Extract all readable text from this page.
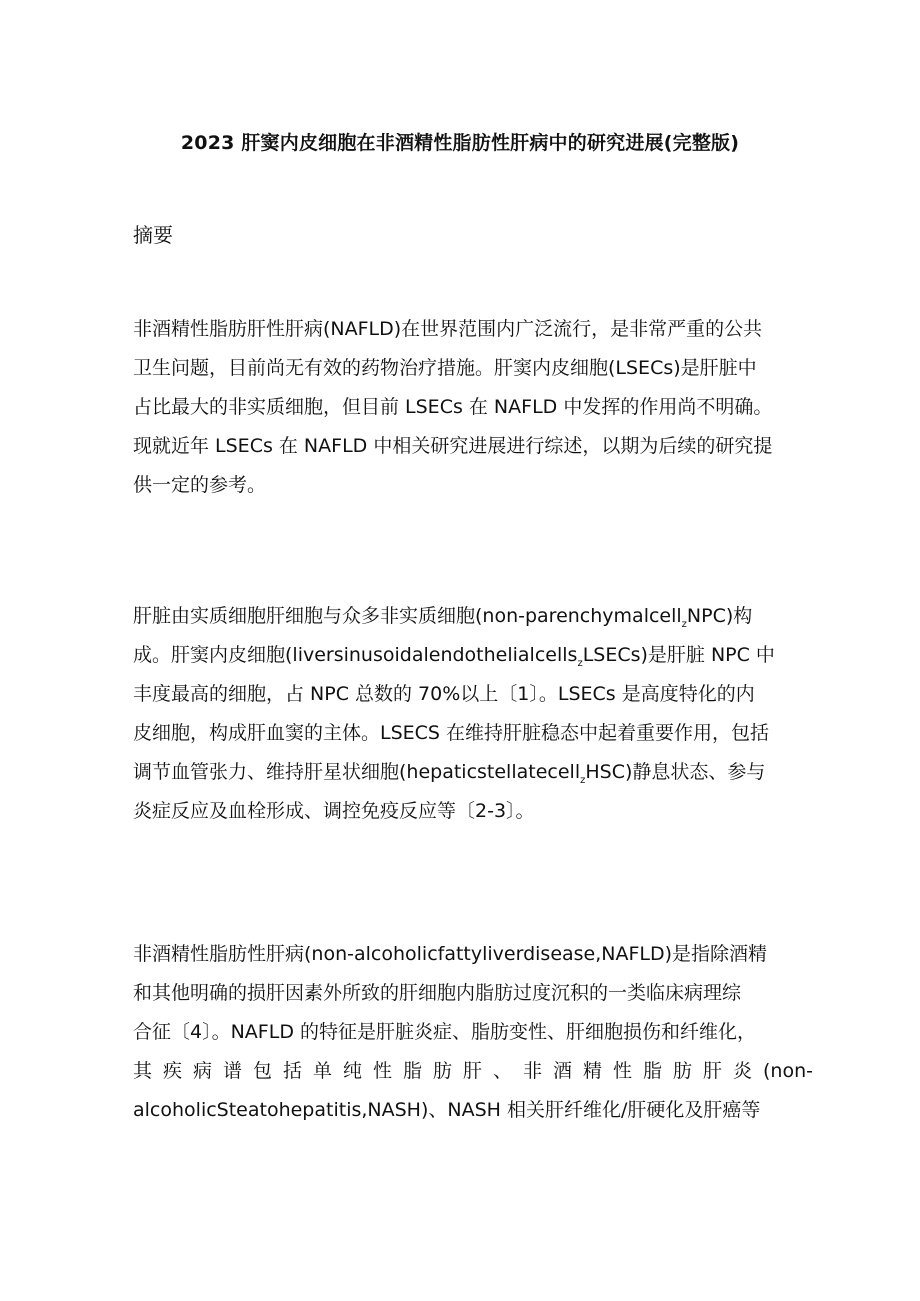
2023 肝窦内皮细胞在非酒精性脂肪性肝病中的研究进展(完整版)
摘要
非酒精性脂肪肝性肝病(NAFLD)在世界范围内广泛流行，是非常严重的公共
卫生问题，目前尚无有效的药物治疗措施。肝窦内皮细胞(LSECs)是肝脏中
占比最大的非实质细胞，但目前 LSECs 在 NAFLD 中发挥的作用尚不明确。
现就近年 LSECs 在 NAFLD 中相关研究进展进行综述，以期为后续的研究提
供一定的参考。
肝脏由实质细胞肝细胞与众多非实质细胞(non-parenchymalcell$_z$NPC)构
成。肝窦内皮细胞(liversinusoidalendothelialcells$_z$LSECs)是肝脏 NPC 中
丰度最高的细胞，占 NPC 总数的 70%以上〔1〕。LSECs 是高度特化的内
皮细胞，构成肝血窦的主体。LSECS 在维持肝脏稳态中起着重要作用，包括
调节血管张力、维持肝星状细胞(hepaticstellatecell$_z$HSC)静息状态、参与
炎症反应及血栓形成、调控免疫反应等〔2-3〕。
非酒精性脂肪性肝病(non-alcoholicfattyliverdisease,NAFLD)是指除酒精
和其他明确的损肝因素外所致的肝细胞内脂肪过度沉积的一类临床病理综
合征〔4〕。NAFLD 的特征是肝脏炎症、脂肪变性、肝细胞损伤和纤维化，
其 疾 病 谱 包 括 单 纯 性 脂 肪 肝 、 非 酒 精 性 脂 肪 肝 炎 (non-
alcoholicSteatohepatitis,NASH)、NASH 相关肝纤维化/肝硬化及肝癌等
